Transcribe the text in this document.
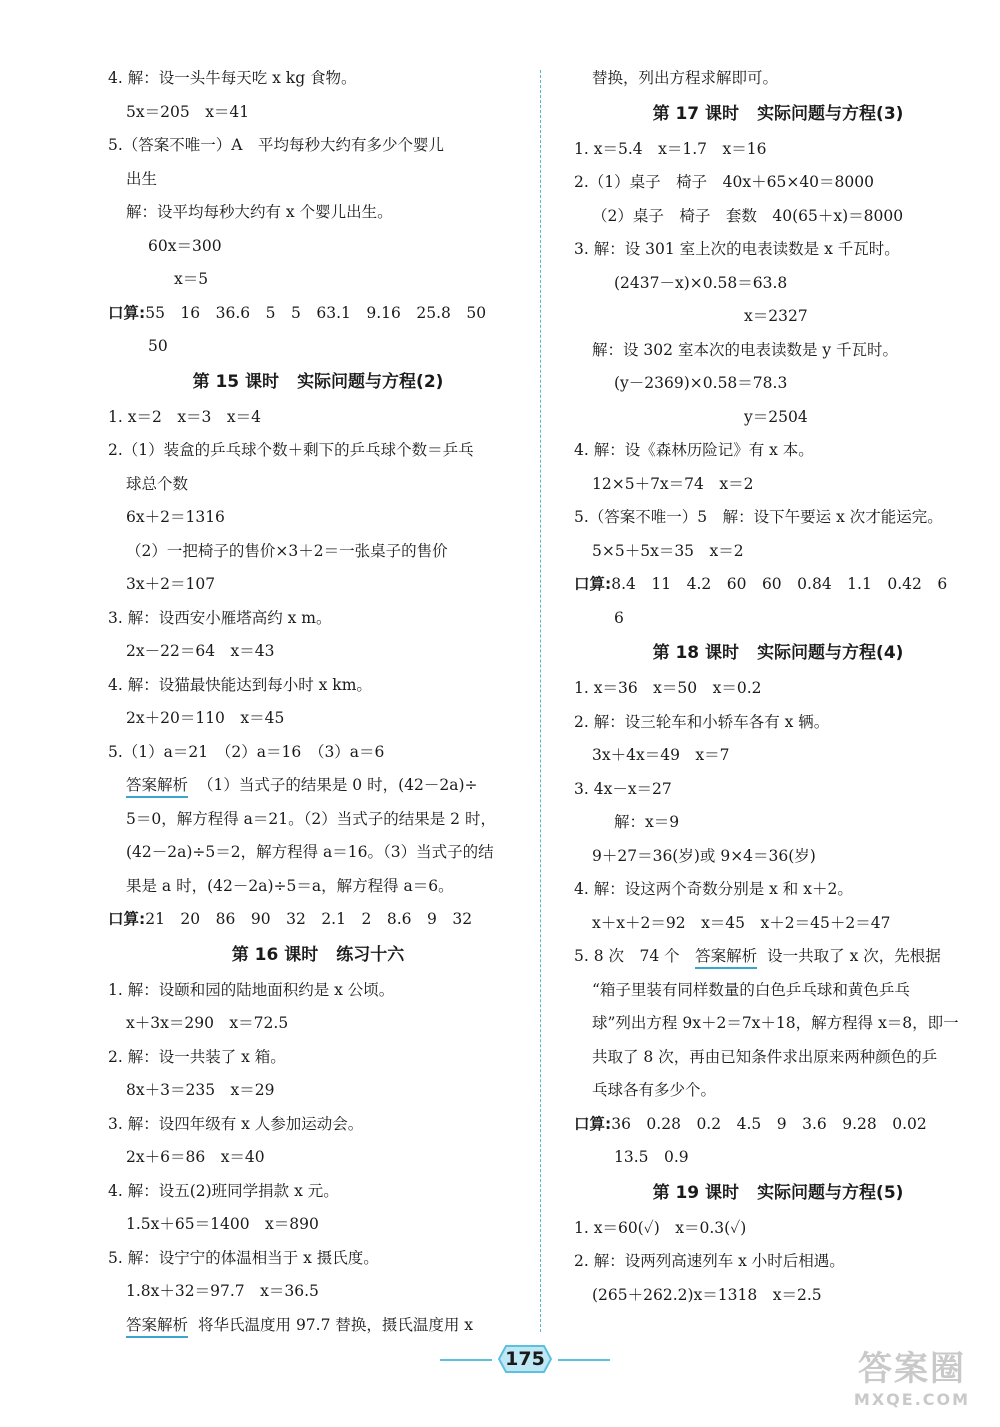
4. 解：设一头牛每天吃 x kg 食物。
5x＝205　x＝41
5.（答案不唯一）A　平均每秒大约有多少个婴儿
出生
解：设平均每秒大约有 x 个婴儿出生。
60x＝300
x＝5
口算:55　16　36.6　5　5　63.1　9.16　25.8　50
50
第 15 课时 实际问题与方程(2)
1. x＝2　x＝3　x＝4
2.（1）装盒的乒乓球个数＋剩下的乒乓球个数＝乒乓
球总个数
6x＋2＝1316
（2）一把椅子的售价×3＋2＝一张桌子的售价
3x＋2＝107
3. 解：设西安小雁塔高约 x m。
2x－22＝64　x＝43
4. 解：设猫最快能达到每小时 x km。
2x＋20＝110　x＝45
5.（1）a＝21　（2）a＝16　（3）a＝6
答案解析 （1）当式子的结果是 0 时，(42－2a)÷
5＝0，解方程得 a＝21。（2）当式子的结果是 2 时，
(42－2a)÷5＝2，解方程得 a＝16。（3）当式子的结
果是 a 时，(42－2a)÷5＝a，解方程得 a＝6。
口算:21　20　86　90　32　2.1　2　8.6　9　32
第 16 课时 练习十六
1. 解：设颐和园的陆地面积约是 x 公顷。
x＋3x＝290　x＝72.5
2. 解：设一共装了 x 箱。
8x＋3＝235　x＝29
3. 解：设四年级有 x 人参加运动会。
2x＋6＝86　x＝40
4. 解：设五(2)班同学捐款 x 元。
1.5x＋65＝1400　x＝890
5. 解：设宁宁的体温相当于 x 摄氏度。
1.8x＋32＝97.7　x＝36.5
答案解析 将华氏温度用 97.7 替换，摄氏温度用 x
替换，列出方程求解即可。
第 17 课时 实际问题与方程(3)
1. x＝5.4　x＝1.7　x＝16
2.（1）桌子　椅子　40x＋65×40＝8000
（2）桌子　椅子　套数　40(65＋x)＝8000
3. 解：设 301 室上次的电表读数是 x 千瓦时。
(2437－x)×0.58＝63.8
x＝2327
解：设 302 室本次的电表读数是 y 千瓦时。
(y－2369)×0.58＝78.3
y＝2504
4. 解：设《森林历险记》有 x 本。
12×5＋7x＝74　x＝2
5.（答案不唯一）5　解：设下午要运 x 次才能运完。
5×5＋5x＝35　x＝2
口算:8.4　11　4.2　60　60　0.84　1.1　0.42　6
6
第 18 课时 实际问题与方程(4)
1. x＝36　x＝50　x＝0.2
2. 解：设三轮车和小轿车各有 x 辆。
3x＋4x＝49　x＝7
3. 4x－x＝27
解：x＝9
9＋27＝36(岁)或 9×4＝36(岁)
4. 解：设这两个奇数分别是 x 和 x＋2。
x＋x＋2＝92　x＝45　x＋2＝45＋2＝47
5. 8 次　74 个　答案解析 设一共取了 x 次，先根据
“箱子里装有同样数量的白色乒乓球和黄色乒乓
球”列出方程 9x＋2＝7x＋18，解方程得 x＝8，即一
共取了 8 次，再由已知条件求出原来两种颜色的乒
乓球各有多少个。
口算:36　0.28　0.2　4.5　9　3.6　9.28　0.02
13.5　0.9
第 19 课时 实际问题与方程(5)
1. x＝60(✓)　x＝0.3(✓)
2. 解：设两列高速列车 x 小时后相遇。
(265＋262.2)x＝1318　x＝2.5
175	答案圈
MXQE.COM
